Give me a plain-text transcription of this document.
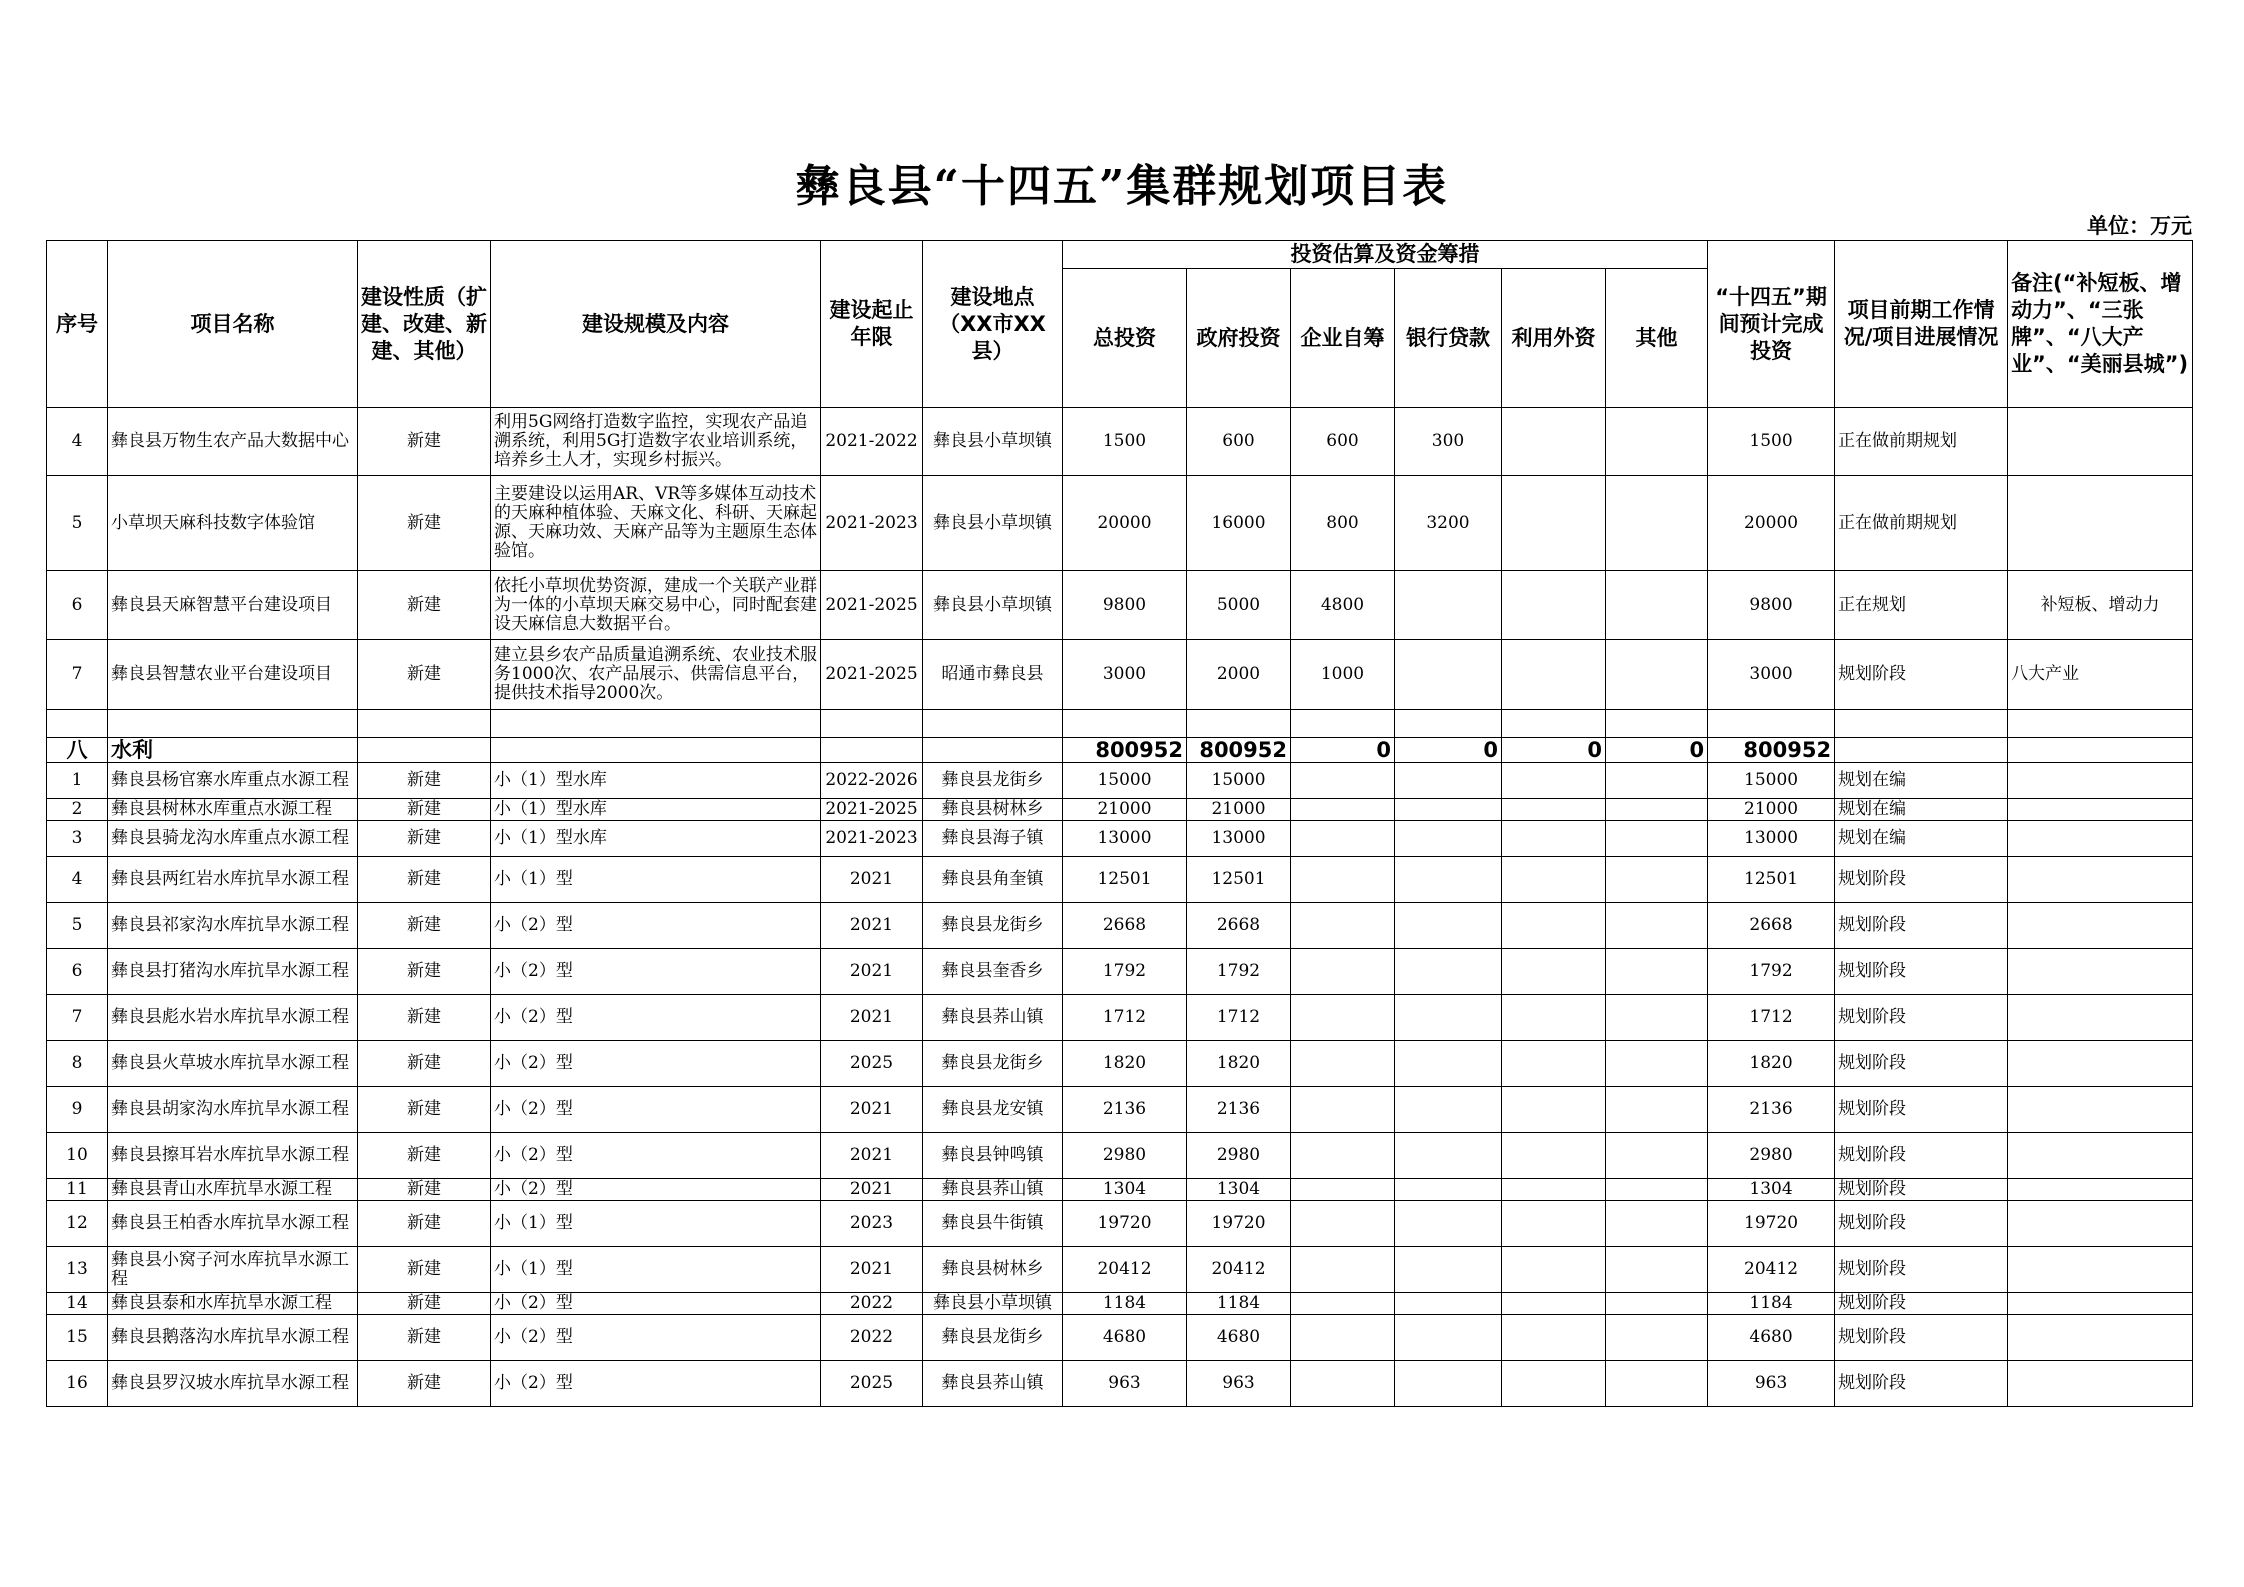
彝良县“十四五”集群规划项目表
单位：万元
序号	项目名称	建设性质（扩建、改建、新建、其他）	建设规模及内容	建设起止年限	建设地点（XX市XX县）	投资估算及资金筹措						“十四五”期间预计完成投资	项目前期工作情况/项目进展情况	备注(“补短板、增动力”、“三张牌”、“八大产业”、“美丽县城”)
						总投资	政府投资	企业自筹	银行贷款	利用外资	其他			
4	彝良县万物生农产品大数据中心	新建	利用5G网络打造数字监控，实现农产品追溯系统，利用5G打造数字农业培训系统，培养乡土人才，实现乡村振兴。	2021-2022	彝良县小草坝镇	1500	600	600	300			1500	正在做前期规划	
5	小草坝天麻科技数字体验馆	新建	主要建设以运用AR、VR等多媒体互动技术的天麻种植体验、天麻文化、科研、天麻起源、天麻功效、天麻产品等为主题原生态体验馆。	2021-2023	彝良县小草坝镇	20000	16000	800	3200			20000	正在做前期规划	
6	彝良县天麻智慧平台建设项目	新建	依托小草坝优势资源，建成一个关联产业群为一体的小草坝天麻交易中心，同时配套建设天麻信息大数据平台。	2021-2025	彝良县小草坝镇	9800	5000	4800				9800	正在规划	补短板、增动力
7	彝良县智慧农业平台建设项目	新建	建立县乡农产品质量追溯系统、农业技术服务1000次、农产品展示、供需信息平台，提供技术指导2000次。	2021-2025	昭通市彝良县	3000	2000	1000				3000	规划阶段	八大产业

八	水利					800952	800952	0	0	0	0	800952		
1	彝良县杨官寨水库重点水源工程	新建	小（1）型水库	2022-2026	彝良县龙街乡	15000	15000					15000	规划在编	
2	彝良县树林水库重点水源工程	新建	小（1）型水库	2021-2025	彝良县树林乡	21000	21000					21000	规划在编	
3	彝良县骑龙沟水库重点水源工程	新建	小（1）型水库	2021-2023	彝良县海子镇	13000	13000					13000	规划在编	
4	彝良县两红岩水库抗旱水源工程	新建	小（1）型	2021	彝良县角奎镇	12501	12501					12501	规划阶段	
5	彝良县祁家沟水库抗旱水源工程	新建	小（2）型	2021	彝良县龙街乡	2668	2668					2668	规划阶段	
6	彝良县打猪沟水库抗旱水源工程	新建	小（2）型	2021	彝良县奎香乡	1792	1792					1792	规划阶段	
7	彝良县彪水岩水库抗旱水源工程	新建	小（2）型	2021	彝良县荞山镇	1712	1712					1712	规划阶段	
8	彝良县火草坡水库抗旱水源工程	新建	小（2）型	2025	彝良县龙街乡	1820	1820					1820	规划阶段	
9	彝良县胡家沟水库抗旱水源工程	新建	小（2）型	2021	彝良县龙安镇	2136	2136					2136	规划阶段	
10	彝良县擦耳岩水库抗旱水源工程	新建	小（2）型	2021	彝良县钟鸣镇	2980	2980					2980	规划阶段	
11	彝良县青山水库抗旱水源工程	新建	小（2）型	2021	彝良县荞山镇	1304	1304					1304	规划阶段	
12	彝良县王柏香水库抗旱水源工程	新建	小（1）型	2023	彝良县牛街镇	19720	19720					19720	规划阶段	
13	彝良县小窝子河水库抗旱水源工程	新建	小（1）型	2021	彝良县树林乡	20412	20412					20412	规划阶段	
14	彝良县泰和水库抗旱水源工程	新建	小（2）型	2022	彝良县小草坝镇	1184	1184					1184	规划阶段	
15	彝良县鹅落沟水库抗旱水源工程	新建	小（2）型	2022	彝良县龙街乡	4680	4680					4680	规划阶段	
16	彝良县罗汉坡水库抗旱水源工程	新建	小（2）型	2025	彝良县荞山镇	963	963					963	规划阶段	
